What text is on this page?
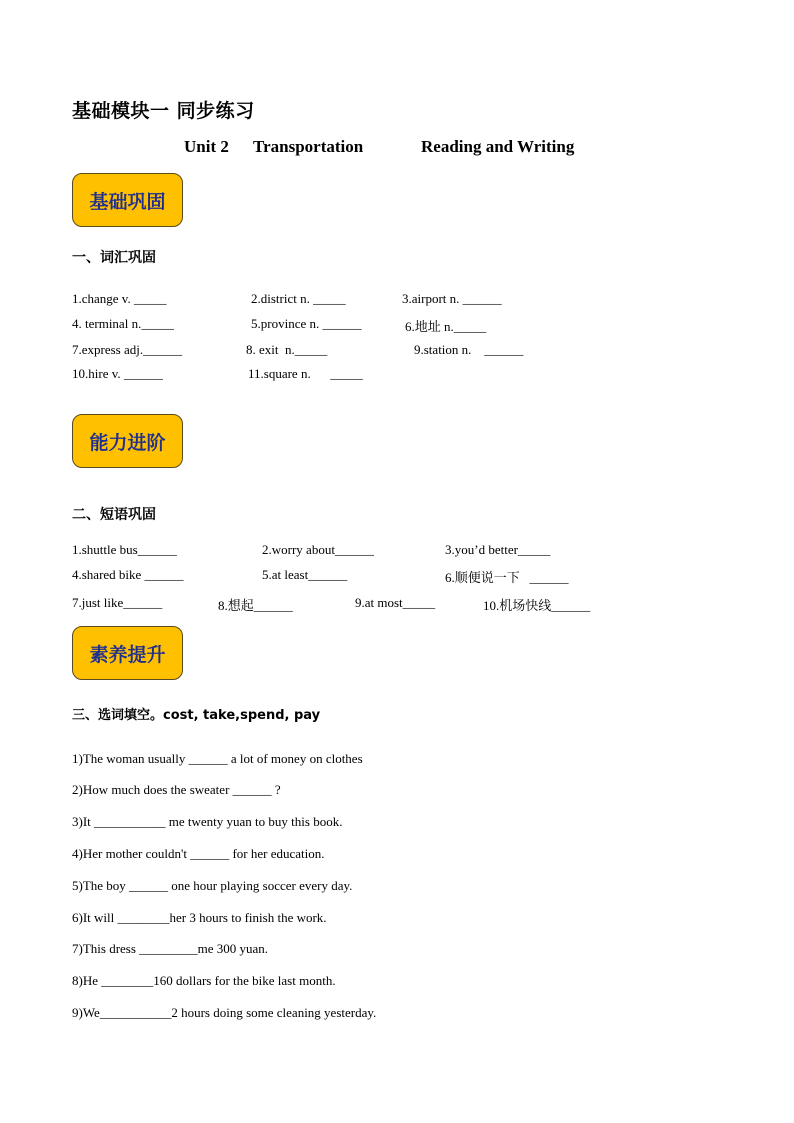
基础模块一 同步练习
Unit 2 Transportation	Reading and Writing
基础巩固
一、词汇巩固
1.change v. _____	2.district n. _____	3.airport n. ______
4. terminal n._____	5.province n. ______	6.地址 n._____
7.express adj.______	8. exit  n._____	9.station n.    ______
10.hire v. ______	11.square n.      _____
能力进阶
二、短语巩固
1.shuttle bus______	2.worry about______	3.you’d better_____
4.shared bike ______	5.at least______	6.顺便说一下   ______
7.just like______	8.想起______	9.at most_____	10.机场快线______
素养提升
三、选词填空。cost, take,spend, pay
1)The woman usually ______ a lot of money on clothes
2)How much does the sweater ______ ?
3)It ___________ me twenty yuan to buy this book.
4)Her mother couldn't ______ for her education.
5)The boy ______ one hour playing soccer every day.
6)It will ________her 3 hours to finish the work.
7)This dress _________me 300 yuan.
8)He ________160 dollars for the bike last month.
9)We___________2 hours doing some cleaning yesterday.
